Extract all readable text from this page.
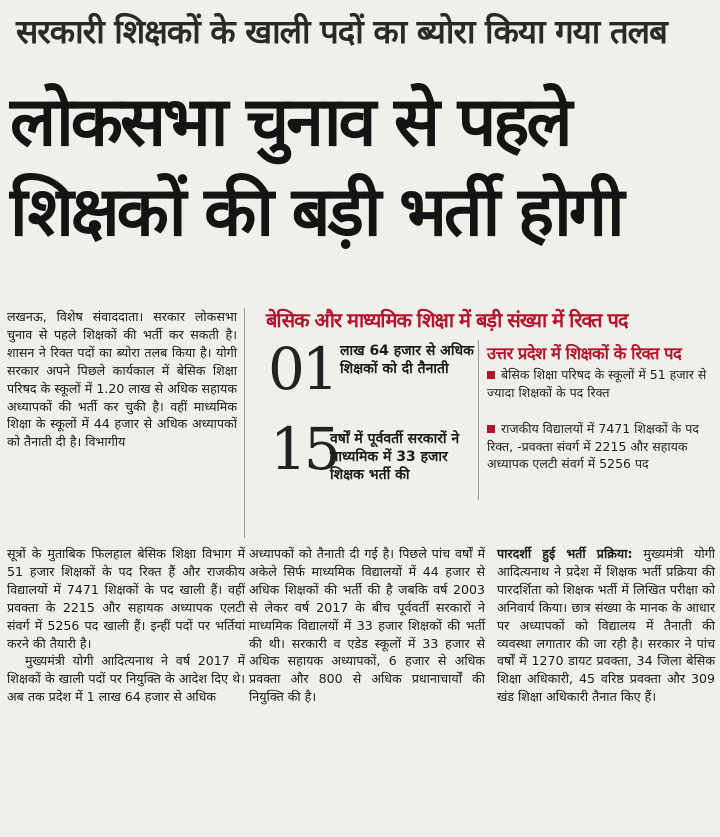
सरकारी शिक्षकों के खाली पदों का ब्योरा किया गया तलब
लोकसभा चुनाव से पहले
शिक्षकों की बड़ी भर्ती होगी

लखनऊ, विशेष संवाददाता। सरकार लोकसभा चुनाव से पहले शिक्षकों की भर्ती कर सकती है। शासन ने रिक्त पदों का ब्योरा तलब किया है। योगी सरकार अपने पिछले कार्यकाल में बेसिक शिक्षा परिषद के स्कूलों में 1.20 लाख से अधिक सहायक अध्यापकों की भर्ती कर चुकी है। वहीं माध्यमिक शिक्षा के स्कूलों में 44 हजार से अधिक अध्यापकों को तैनाती दी है। विभागीय

बेसिक और माध्यमिक शिक्षा में बड़ी संख्या में रिक्त पद
01 लाख 64 हजार से अधिक शिक्षकों को दी तैनाती
15
वर्षों में पूर्ववर्ती सरकारों ने माध्यमिक में 33 हजार शिक्षक भर्ती की
उत्तर प्रदेश में शिक्षकों के रिक्त पद
बेसिक शिक्षा परिषद के स्कूलों में 51 हजार से ज्यादा शिक्षकों के पद रिक्त
राजकीय विद्यालयों में 7471 शिक्षकों के पद रिक्त, -प्रवक्ता संवर्ग में 2215 और सहायक अध्यापक एलटी संवर्ग में 5256 पद

सूत्रों के मुताबिक फिलहाल बेसिक शिक्षा विभाग में 51 हजार शिक्षकों के पद रिक्त हैं और राजकीय विद्यालयों में 7471 शिक्षकों के पद खाली हैं। वहीं प्रवक्ता के 2215 और सहायक अध्यापक एलटी संवर्ग में 5256 पद खाली हैं। इन्हीं पदों पर भर्तियां करने की तैयारी है।

मुख्यमंत्री योगी आदित्यनाथ ने वर्ष 2017 में शिक्षकों के खाली पदों पर नियुक्ति के आदेश दिए थे। अब तक प्रदेश में 1 लाख 64 हजार से अधिक

अध्यापकों को तैनाती दी गई है। पिछले पांच वर्षों में अकेले सिर्फ माध्यमिक विद्यालयों में 44 हजार से अधिक शिक्षकों की भर्ती की है जबकि वर्ष 2003 से लेकर वर्ष 2017 के बीच पूर्ववर्ती सरकारों ने माध्यमिक विद्यालयों में 33 हजार शिक्षकों की भर्ती की थी। सरकारी व एडेड स्कूलों में 33 हजार से अधिक सहायक अध्यापकों, 6 हजार से अधिक प्रवक्ता और 800 से अधिक प्रधानाचार्यों की नियुक्ति की है।

पारदर्शी हुई भर्ती प्रक्रिया: मुख्यमंत्री योगी आदित्यनाथ ने प्रदेश में शिक्षक भर्ती प्रक्रिया की पारदर्शिता को शिक्षक भर्ती में लिखित परीक्षा को अनिवार्य किया। छात्र संख्या के मानक के आधार पर अध्यापकों को विद्यालय में तैनाती की व्यवस्था लगातार की जा रही है। सरकार ने पांच वर्षों में 1270 डायट प्रवक्ता, 34 जिला बेसिक शिक्षा अधिकारी, 45 वरिष्ठ प्रवक्ता और 309 खंड शिक्षा अधिकारी तैनात किए हैं।
